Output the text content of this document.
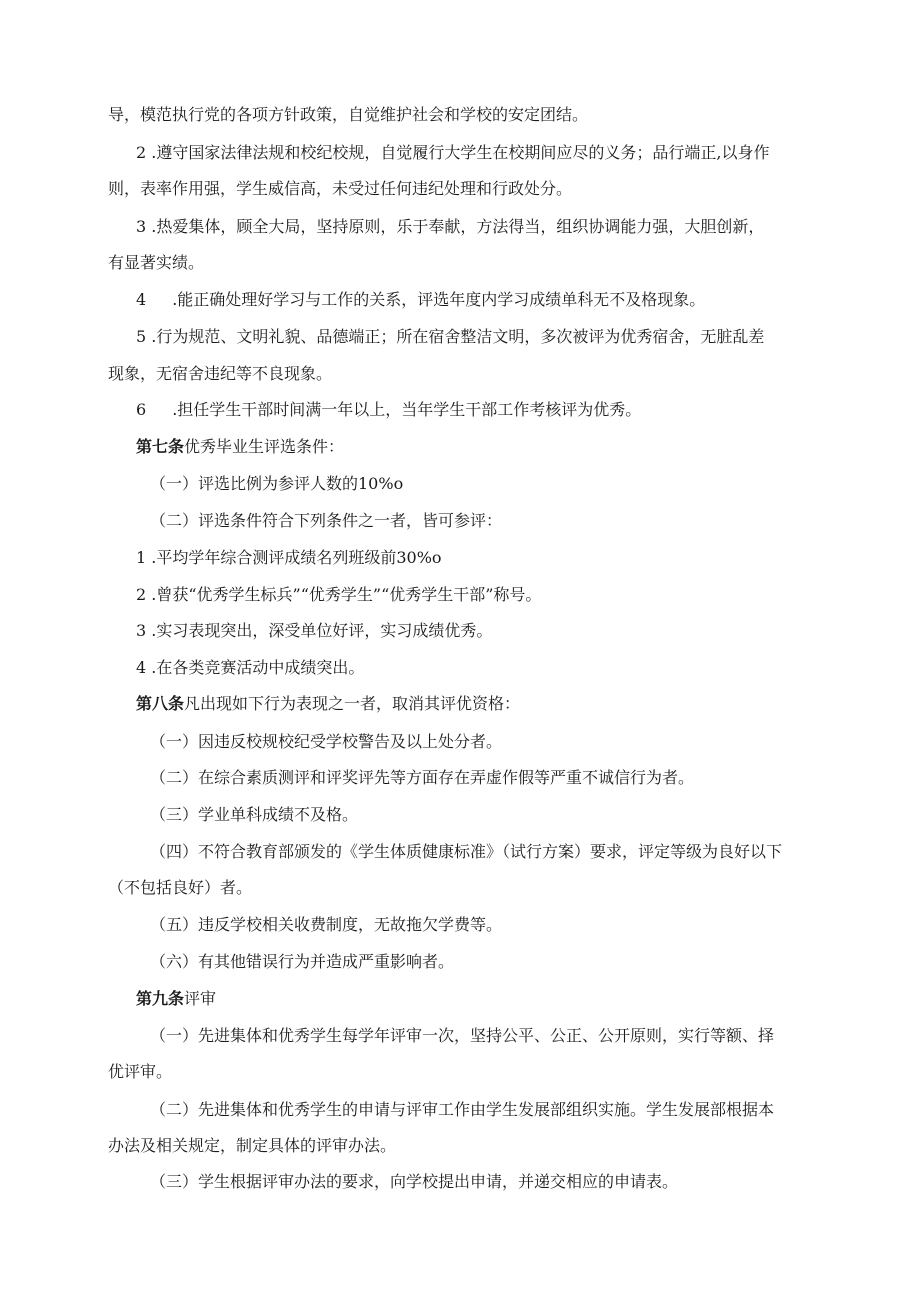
导，模范执行党的各项方针政策，自觉维护社会和学校的安定团结。

2 .遵守国家法律法规和校纪校规，自觉履行大学生在校期间应尽的义务；品行端正,以身作

则，表率作用强，学生威信高，未受过任何违纪处理和行政处分。

3 .热爱集体，顾全大局，坚持原则，乐于奉献，方法得当，组织协调能力强，大胆创新，

有显著实绩。

4 .能正确处理好学习与工作的关系，评选年度内学习成绩单科无不及格现象。

5 .行为规范、文明礼貌、品德端正；所在宿舍整洁文明，多次被评为优秀宿舍，无脏乱差

现象，无宿舍违纪等不良现象。

6 .担任学生干部时间满一年以上，当年学生干部工作考核评为优秀。

第七条优秀毕业生评选条件：

（一）评选比例为参评人数的10%o

（二）评选条件符合下列条件之一者，皆可参评：

1 .平均学年综合测评成绩名列班级前30%o

2 .曾获“优秀学生标兵”“优秀学生”“优秀学生干部”称号。

3 .实习表现突出，深受单位好评，实习成绩优秀。

4 .在各类竞赛活动中成绩突出。

第八条凡出现如下行为表现之一者，取消其评优资格：

（一）因违反校规校纪受学校警告及以上处分者。

（二）在综合素质测评和评奖评先等方面存在弄虚作假等严重不诚信行为者。

（三）学业单科成绩不及格。

（四）不符合教育部颁发的《学生体质健康标准》（试行方案）要求，评定等级为良好以下

（不包括良好）者。

（五）违反学校相关收费制度，无故拖欠学费等。

（六）有其他错误行为并造成严重影响者。

第九条评审

（一）先进集体和优秀学生每学年评审一次，坚持公平、公正、公开原则，实行等额、择

优评审。

（二）先进集体和优秀学生的申请与评审工作由学生发展部组织实施。学生发展部根据本

办法及相关规定，制定具体的评审办法。

（三）学生根据评审办法的要求，向学校提出申请，并递交相应的申请表。
